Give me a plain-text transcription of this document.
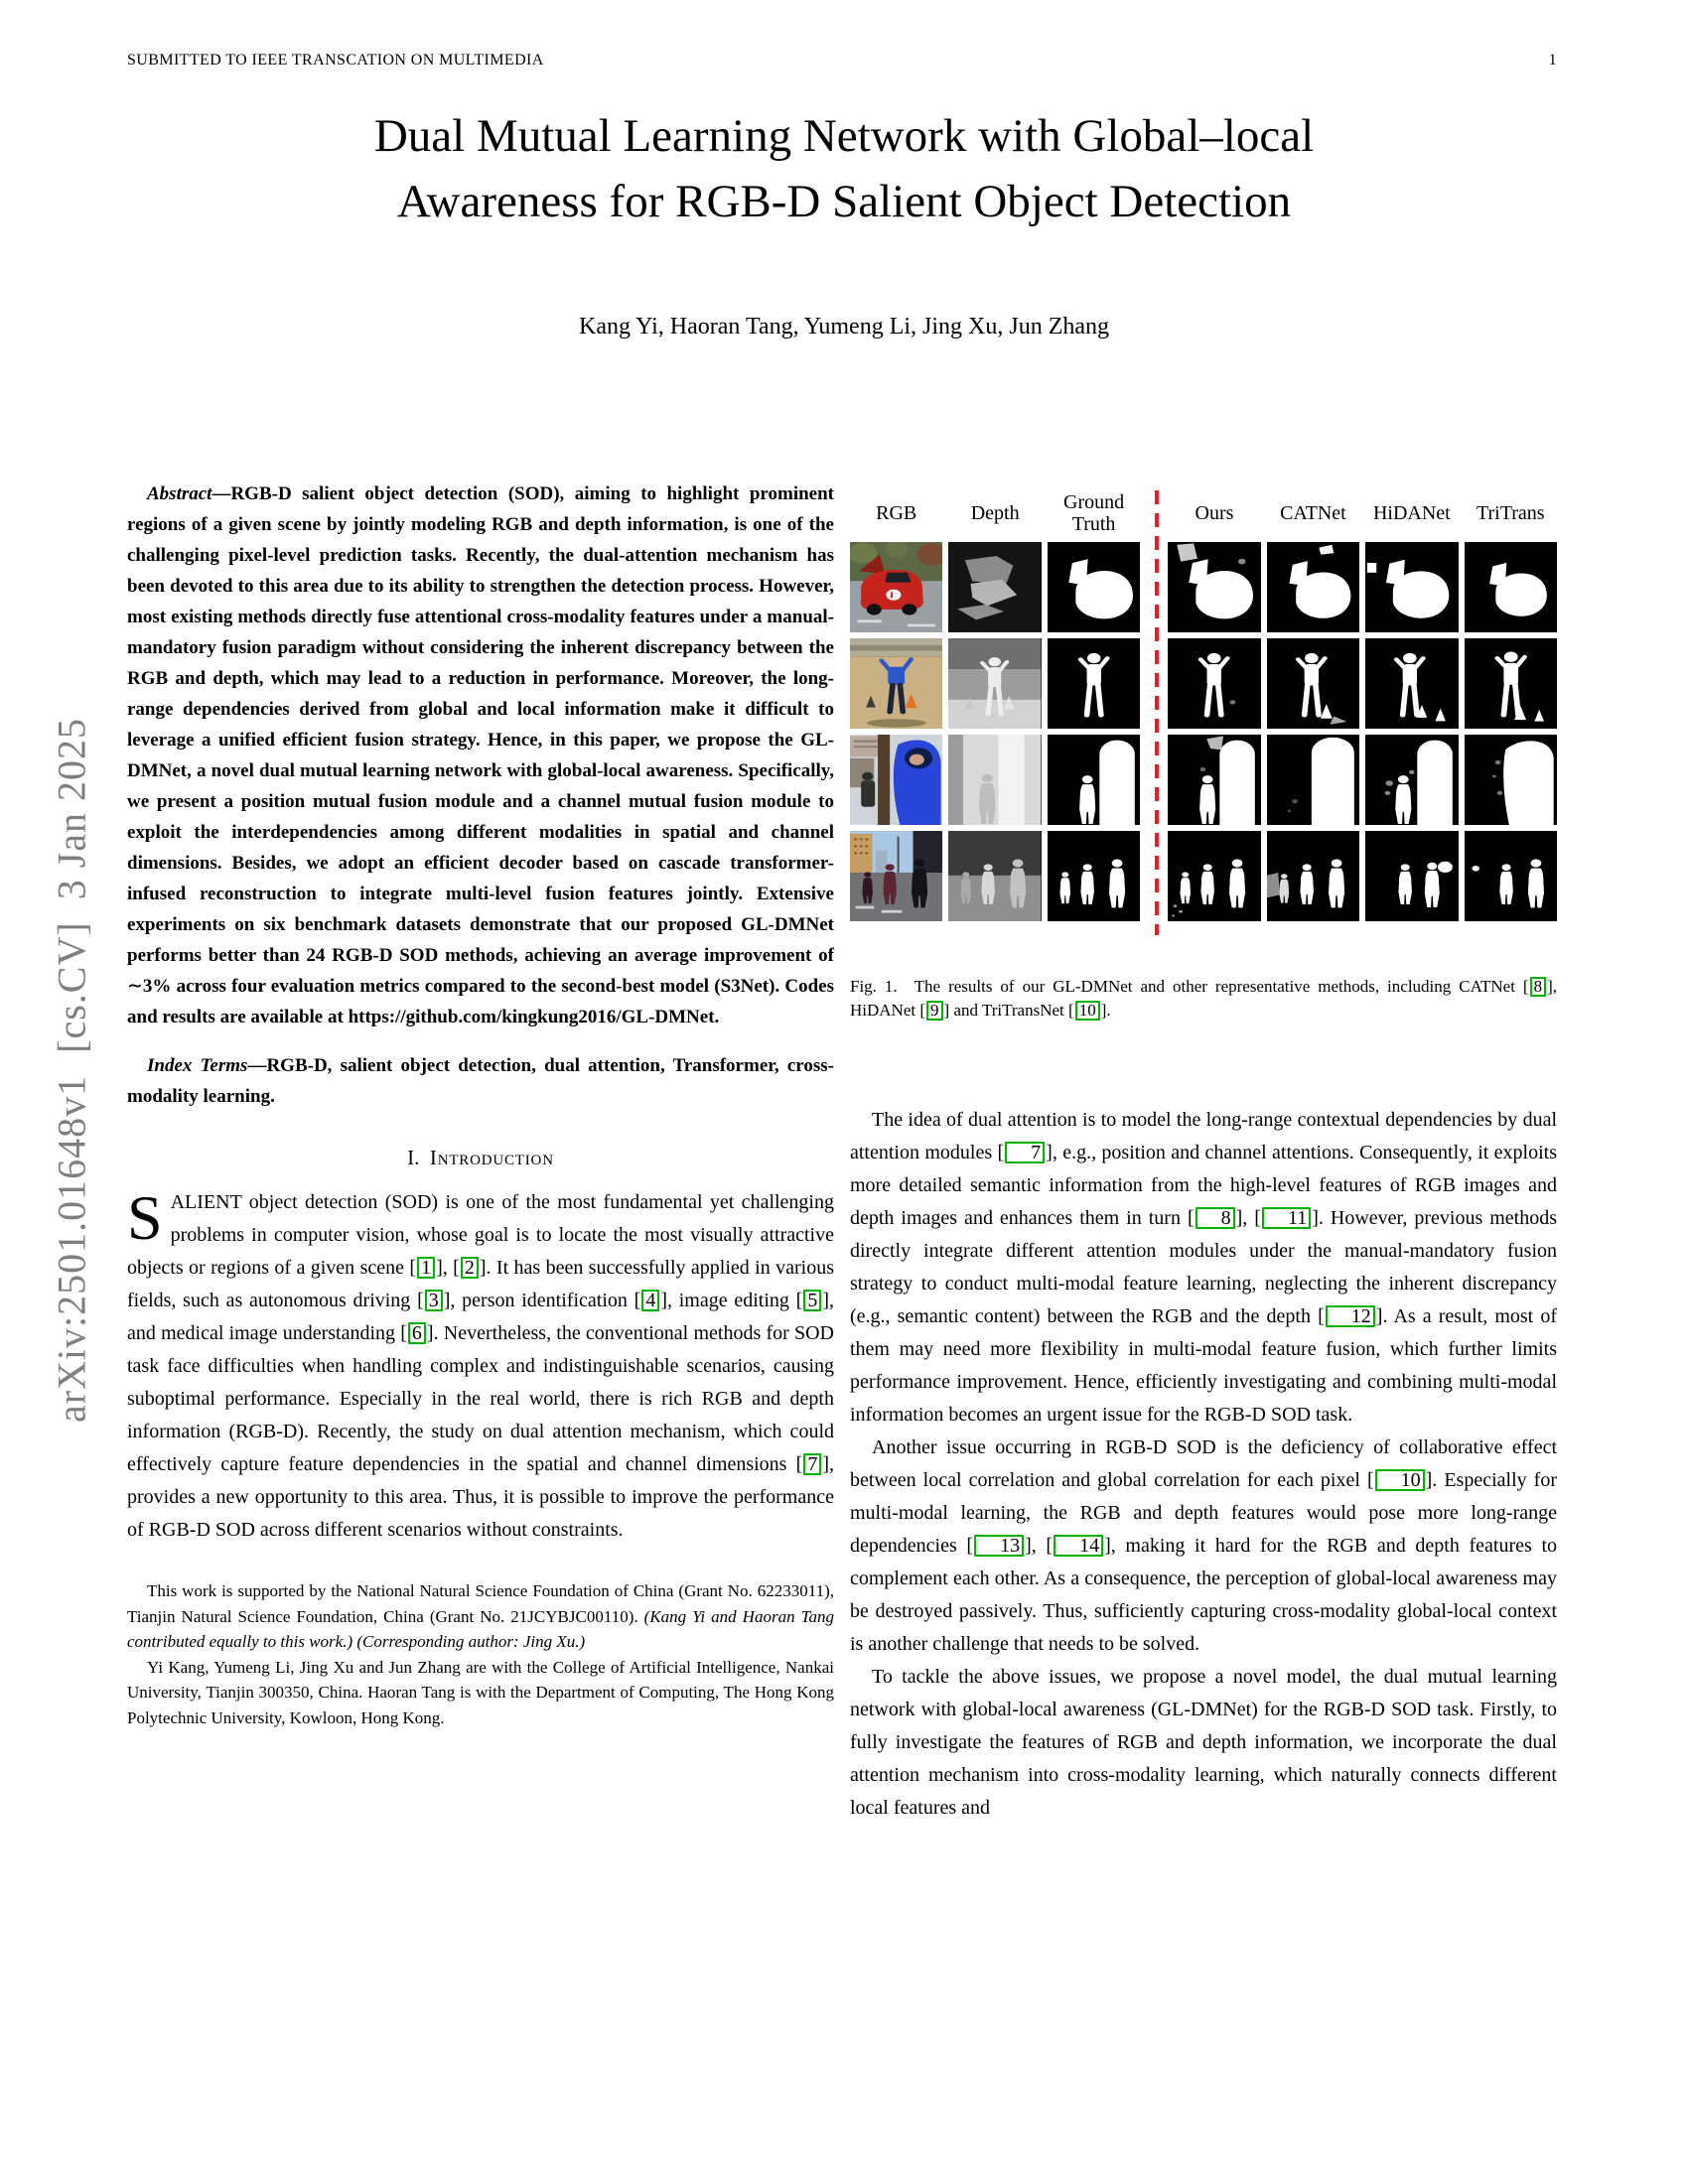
SUBMITTED TO IEEE TRANSCATION ON MULTIMEDIA	1
Dual Mutual Learning Network with Global–local
Awareness for RGB-D Salient Object Detection
Kang Yi, Haoran Tang, Yumeng Li, Jing Xu, Jun Zhang
arXiv:2501.01648v1  [cs.CV]  3 Jan 2025

Abstract—RGB-D salient object detection (SOD), aiming to highlight prominent regions of a given scene by jointly modeling RGB and depth information, is one of the challenging pixel-level prediction tasks. Recently, the dual-attention mechanism has been devoted to this area due to its ability to strengthen the detection process. However, most existing methods directly fuse attentional cross-modality features under a manual-mandatory fusion paradigm without considering the inherent discrepancy between the RGB and depth, which may lead to a reduction in performance. Moreover, the long-range dependencies derived from global and local information make it difficult to leverage a unified efficient fusion strategy. Hence, in this paper, we propose the GL-DMNet, a novel dual mutual learning network with global-local awareness. Specifically, we present a position mutual fusion module and a channel mutual fusion module to exploit the interdependencies among different modalities in spatial and channel dimensions. Besides, we adopt an efficient decoder based on cascade transformer-infused reconstruction to integrate multi-level fusion features jointly. Extensive experiments on six benchmark datasets demonstrate that our proposed GL-DMNet performs better than 24 RGB-D SOD methods, achieving an average improvement of ∼3% across four evaluation metrics compared to the second-best model (S3Net). Codes and results are available at https://github.com/kingkung2016/GL-DMNet.

Index Terms—RGB-D, salient object detection, dual attention, Transformer, cross-modality learning.

I. Introduction

SALIENT object detection (SOD) is one of the most fundamental yet challenging problems in computer vision, whose goal is to locate the most visually attractive objects or regions of a given scene [ 1 ], [ 2 ]. It has been successfully applied in various fields, such as autonomous driving [ 3 ], person identification [ 4 ], image editing [ 5 ], and medical image understanding [ 6 ]. Nevertheless, the conventional methods for SOD task face difficulties when handling complex and indistinguishable scenarios, causing suboptimal performance. Especially in the real world, there is rich RGB and depth information (RGB-D). Recently, the study on dual attention mechanism, which could effectively capture feature dependencies in the spatial and channel dimensions [ 7 ], provides a new opportunity to this area. Thus, it is possible to improve the performance of RGB-D SOD across different scenarios without constraints.

This work is supported by the National Natural Science Foundation of China (Grant No. 62233011), Tianjin Natural Science Foundation, China (Grant No. 21JCYBJC00110). (Kang Yi and Haoran Tang contributed equally to this work.) (Corresponding author: Jing Xu.)

Yi Kang, Yumeng Li, Jing Xu and Jun Zhang are with the College of Artificial Intelligence, Nankai University, Tianjin 300350, China. Haoran Tang is with the Department of Computing, The Hong Kong Polytechnic University, Kowloon, Hong Kong.

RGB	Depth
Ground Truth
Ours	CATNet	HiDANet	TriTrans
Fig. 1. The results of our GL-DMNet and other representative methods, including CATNet [ 8 ], HiDANet [ 9 ] and TriTransNet [ 10 ].

The idea of dual attention is to model the long-range contextual dependencies by dual attention modules [ 7 ], e.g., position and channel attentions. Consequently, it exploits more detailed semantic information from the high-level features of RGB images and depth images and enhances them in turn [ 8 ], [ 11 ]. However, previous methods directly integrate different attention modules under the manual-mandatory fusion strategy to conduct multi-modal feature learning, neglecting the inherent discrepancy (e.g., semantic content) between the RGB and the depth [ 12 ]. As a result, most of them may need more flexibility in multi-modal feature fusion, which further limits performance improvement. Hence, efficiently investigating and combining multi-modal information becomes an urgent issue for the RGB-D SOD task.

Another issue occurring in RGB-D SOD is the deficiency of collaborative effect between local correlation and global correlation for each pixel [ 10 ]. Especially for multi-modal learning, the RGB and depth features would pose more long-range dependencies [ 13 ], [ 14 ], making it hard for the RGB and depth features to complement each other. As a consequence, the perception of global-local awareness may be destroyed passively. Thus, sufficiently capturing cross-modality global-local context is another challenge that needs to be solved.

To tackle the above issues, we propose a novel model, the dual mutual learning network with global-local awareness (GL-DMNet) for the RGB-D SOD task. Firstly, to fully investigate the features of RGB and depth information, we incorporate the dual attention mechanism into cross-modality learning, which naturally connects different local features and
